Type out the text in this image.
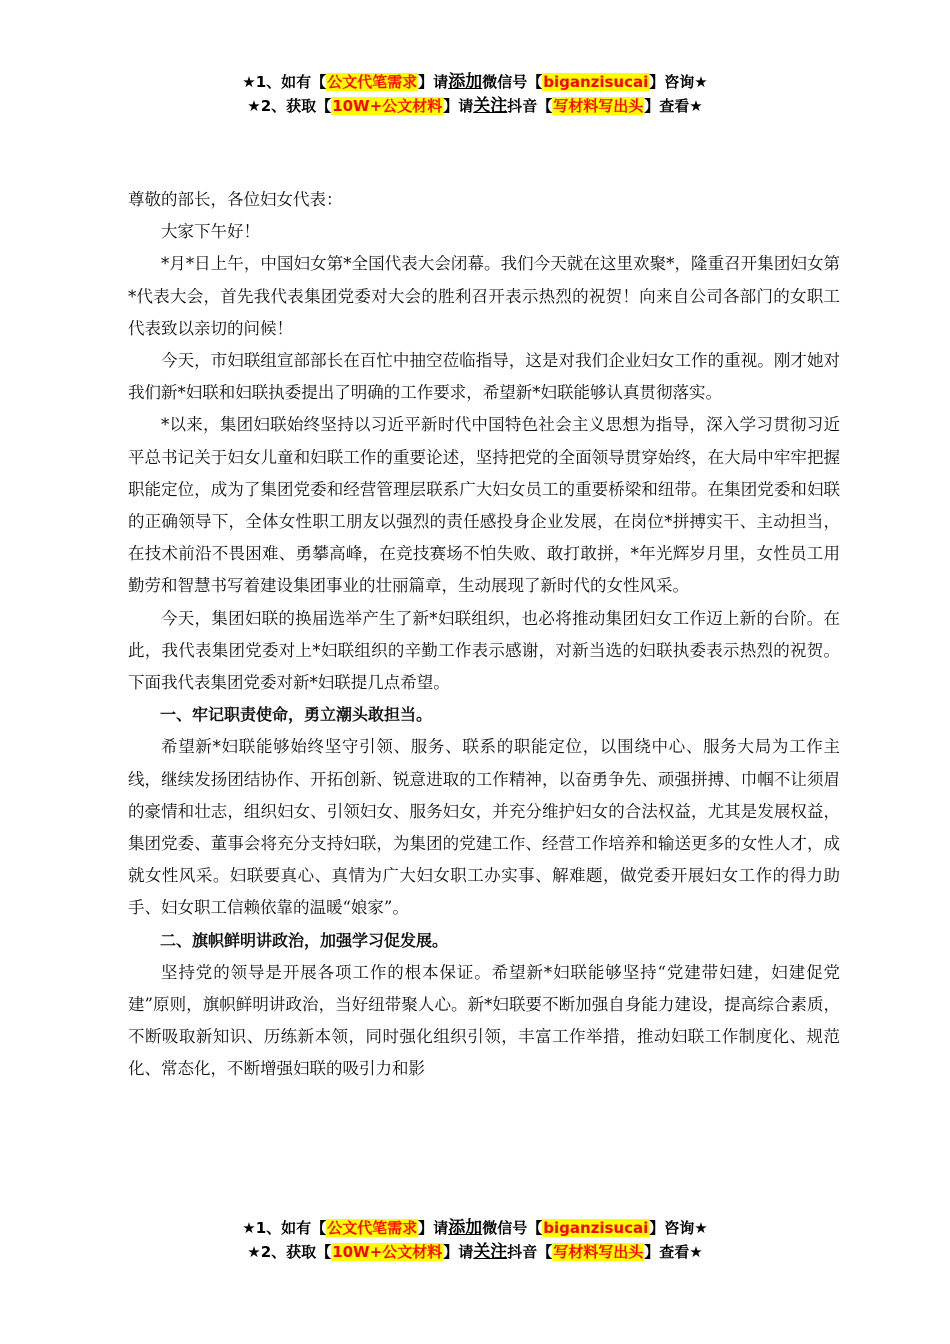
★1、如有【公文代笔需求】请添加微信号【biganzisucai】咨询★
★2、获取【10W+公文材料】请关注抖音【写材料写出头】查看★

尊敬的部长，各位妇女代表：

大家下午好！

*月*日上午，中国妇女第*全国代表大会闭幕。我们今天就在这里欢聚*，隆重召开集团妇女第*代表大会，首先我代表集团党委对大会的胜利召开表示热烈的祝贺！向来自公司各部门的女职工代表致以亲切的问候！

今天，市妇联组宣部部长在百忙中抽空莅临指导，这是对我们企业妇女工作的重视。刚才她对我们新*妇联和妇联执委提出了明确的工作要求，希望新*妇联能够认真贯彻落实。

*以来，集团妇联始终坚持以习近平新时代中国特色社会主义思想为指导，深入学习贯彻习近平总书记关于妇女儿童和妇联工作的重要论述，坚持把党的全面领导贯穿始终，在大局中牢牢把握职能定位，成为了集团党委和经营管理层联系广大妇女员工的重要桥梁和纽带。在集团党委和妇联的正确领导下，全体女性职工朋友以强烈的责任感投身企业发展，在岗位*拼搏实干、主动担当，在技术前沿不畏困难、勇攀高峰，在竞技赛场不怕失败、敢打敢拼，*年光辉岁月里，女性员工用勤劳和智慧书写着建设集团事业的壮丽篇章，生动展现了新时代的女性风采。

今天，集团妇联的换届选举产生了新*妇联组织，也必将推动集团妇女工作迈上新的台阶。在此，我代表集团党委对上*妇联组织的辛勤工作表示感谢，对新当选的妇联执委表示热烈的祝贺。下面我代表集团党委对新*妇联提几点希望。

一、牢记职责使命，勇立潮头敢担当。

希望新*妇联能够始终坚守引领、服务、联系的职能定位，以围绕中心、服务大局为工作主线，继续发扬团结协作、开拓创新、锐意进取的工作精神，以奋勇争先、顽强拼搏、巾帼不让须眉的豪情和壮志，组织妇女、引领妇女、服务妇女，并充分维护妇女的合法权益，尤其是发展权益，集团党委、董事会将充分支持妇联，为集团的党建工作、经营工作培养和输送更多的女性人才，成就女性风采。妇联要真心、真情为广大妇女职工办实事、解难题，做党委开展妇女工作的得力助手、妇女职工信赖依靠的温暖“娘家”。

二、旗帜鲜明讲政治，加强学习促发展。

坚持党的领导是开展各项工作的根本保证。希望新*妇联能够坚持“党建带妇建，妇建促党建”原则，旗帜鲜明讲政治，当好纽带聚人心。新*妇联要不断加强自身能力建设，提高综合素质，不断吸取新知识、历练新本领，同时强化组织引领，丰富工作举措，推动妇联工作制度化、规范化、常态化，不断增强妇联的吸引力和影

★1、如有【公文代笔需求】请添加微信号【biganzisucai】咨询★
★2、获取【10W+公文材料】请关注抖音【写材料写出头】查看★
